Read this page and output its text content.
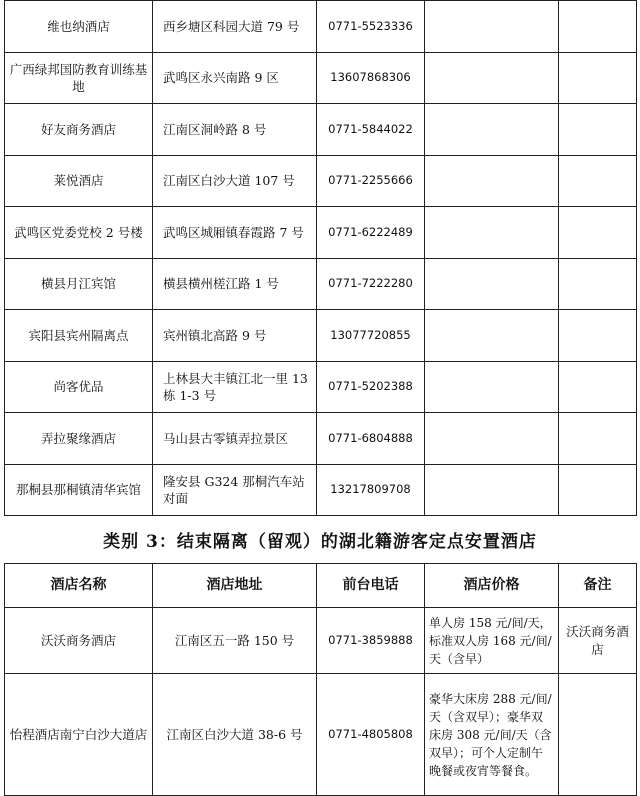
维也纳酒店	西乡塘区科园大道 79 号	0771-5523336		
广西绿邦国防教育训练基地	武鸣区永兴南路 9 区	13607868306		
好友商务酒店	江南区洞岭路 8 号	0771-5844022		
莱悦酒店	江南区白沙大道 107 号	0771-2255666		
武鸣区党委党校 2 号楼	武鸣区城厢镇春霞路 7 号	0771-6222489		
横县月江宾馆	横县横州槎江路 1 号	0771-7222280		
宾阳县宾州隔离点	宾州镇北高路 9 号	13077720855		
尚客优品	上林县大丰镇江北一里 13 栋 1-3 号	0771-5202388		
弄拉聚缘酒店	马山县古零镇弄拉景区	0771-6804888		
那桐县那桐镇清华宾馆	隆安县 G324 那桐汽车站对面	13217809708		
类别 3：结束隔离（留观）的湖北籍游客定点安置酒店
酒店名称	酒店地址	前台电话	酒店价格	备注
沃沃商务酒店	江南区五一路 150 号	0771-3859888	单人房 158 元/间/天，标准双人房 168 元/间/天（含早）	沃沃商务酒店
怡程酒店南宁白沙大道店	江南区白沙大道 38-6 号	0771-4805808	豪华大床房 288 元/间/天（含双早）；豪华双床房 308 元/间/天（含双早）；可个人定制午晚餐或夜宵等餐食。	
